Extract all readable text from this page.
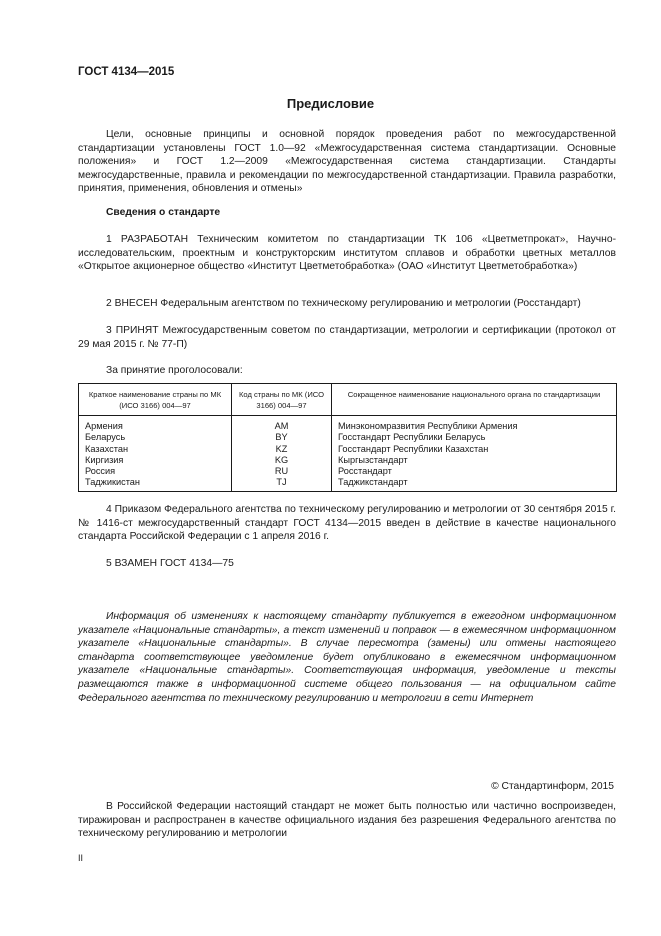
ГОСТ 4134—2015
Предисловие

Цели, основные принципы и основной порядок проведения работ по межгосударственной стандартизации установлены ГОСТ 1.0—92 «Межгосударственная система стандартизации. Основные положения» и ГОСТ 1.2—2009 «Межгосударственная система стандартизации. Стандарты межгосударственные, правила и рекомендации по межгосударственной стандартизации. Правила разработки, принятия, применения, обновления и отмены»

Сведения о стандарте

1 РАЗРАБОТАН Техническим комитетом по стандартизации ТК 106 «Цветметпрокат», Научно-исследовательским, проектным и конструкторским институтом сплавов и обработки цветных металлов «Открытое акционерное общество «Институт Цветметобработка» (ОАО «Институт Цветметобработка»)

2 ВНЕСЕН Федеральным агентством по техническому регулированию и метрологии (Росстандарт)

3 ПРИНЯТ Межгосударственным советом по стандартизации, метрологии и сертификации (протокол от 29 мая 2015 г. № 77-П)

За принятие проголосовали:

Краткое наименование страны по МК (ИСО 3166) 004—97	Код страны по МК (ИСО 3166) 004—97	Сокращенное наименование национального органа по стандартизации
Армения	AM	Минэкономразвития Республики Армения
Беларусь	BY	Госстандарт Республики Беларусь
Казахстан	KZ	Госстандарт Республики Казахстан
Киргизия	KG	Кыргызстандарт
Россия	RU	Росстандарт
Таджикистан	TJ	Таджикстандарт

4 Приказом Федерального агентства по техническому регулированию и метрологии от 30 сентября 2015 г. № 1416-ст межгосударственный стандарт ГОСТ 4134—2015 введен в действие в качестве национального стандарта Российской Федерации с 1 апреля 2016 г.

5 ВЗАМЕН ГОСТ 4134—75

Информация об изменениях к настоящему стандарту публикуется в ежегодном информационном указателе «Национальные стандарты», а текст изменений и поправок — в ежемесячном информационном указателе «Национальные стандарты». В случае пересмотра (замены) или отмены настоящего стандарта соответствующее уведомление будет опубликовано в ежемесячном информационном указателе «Национальные стандарты». Соответствующая информация, уведомление и тексты размещаются также в информационной системе общего пользования — на официальном сайте Федерального агентства по техническому регулированию и метрологии в сети Интернет

© Стандартинформ, 2015

В Российской Федерации настоящий стандарт не может быть полностью или частично воспроизведен, тиражирован и распространен в качестве официального издания без разрешения Федерального агентства по техническому регулированию и метрологии

II
